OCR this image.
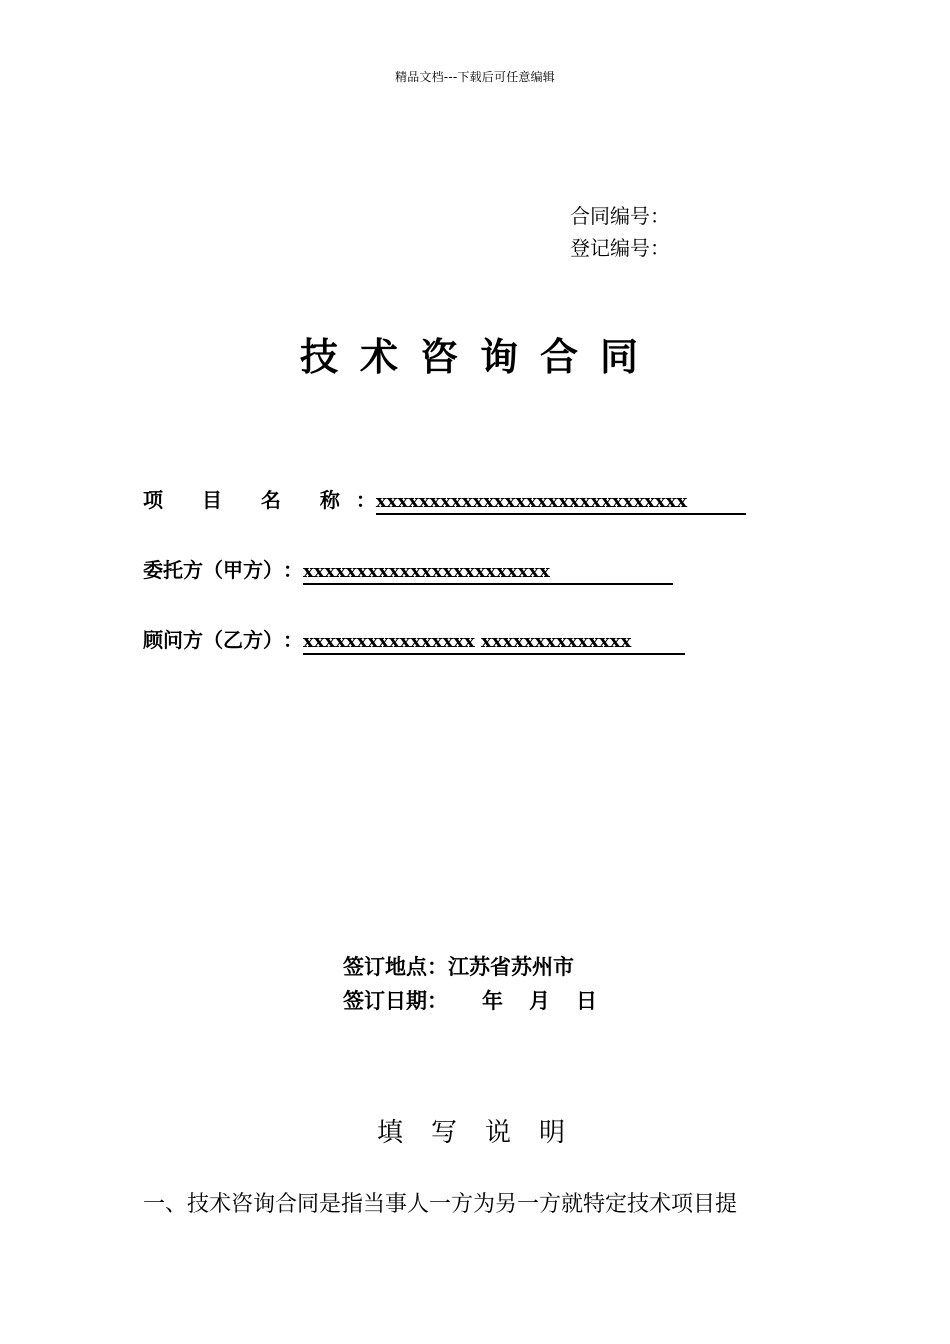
精品文档---下载后可任意编辑
合同编号：
登记编号：
技术咨询合同
项 目 名 称 ： xxxxxxxxxxxxxxxxxxxxxxxxxxxxx
委托方（甲方） ： xxxxxxxxxxxxxxxxxxxxxxx
顾问方（乙方） ： xxxxxxxxxxxxxxxx xxxxxxxxxxxxxx
签订地点：江苏省苏州市
签订日期： 年 月 日
填写说明
一、技术咨询合同是指当事人一方为另一方就特定技术项目提
